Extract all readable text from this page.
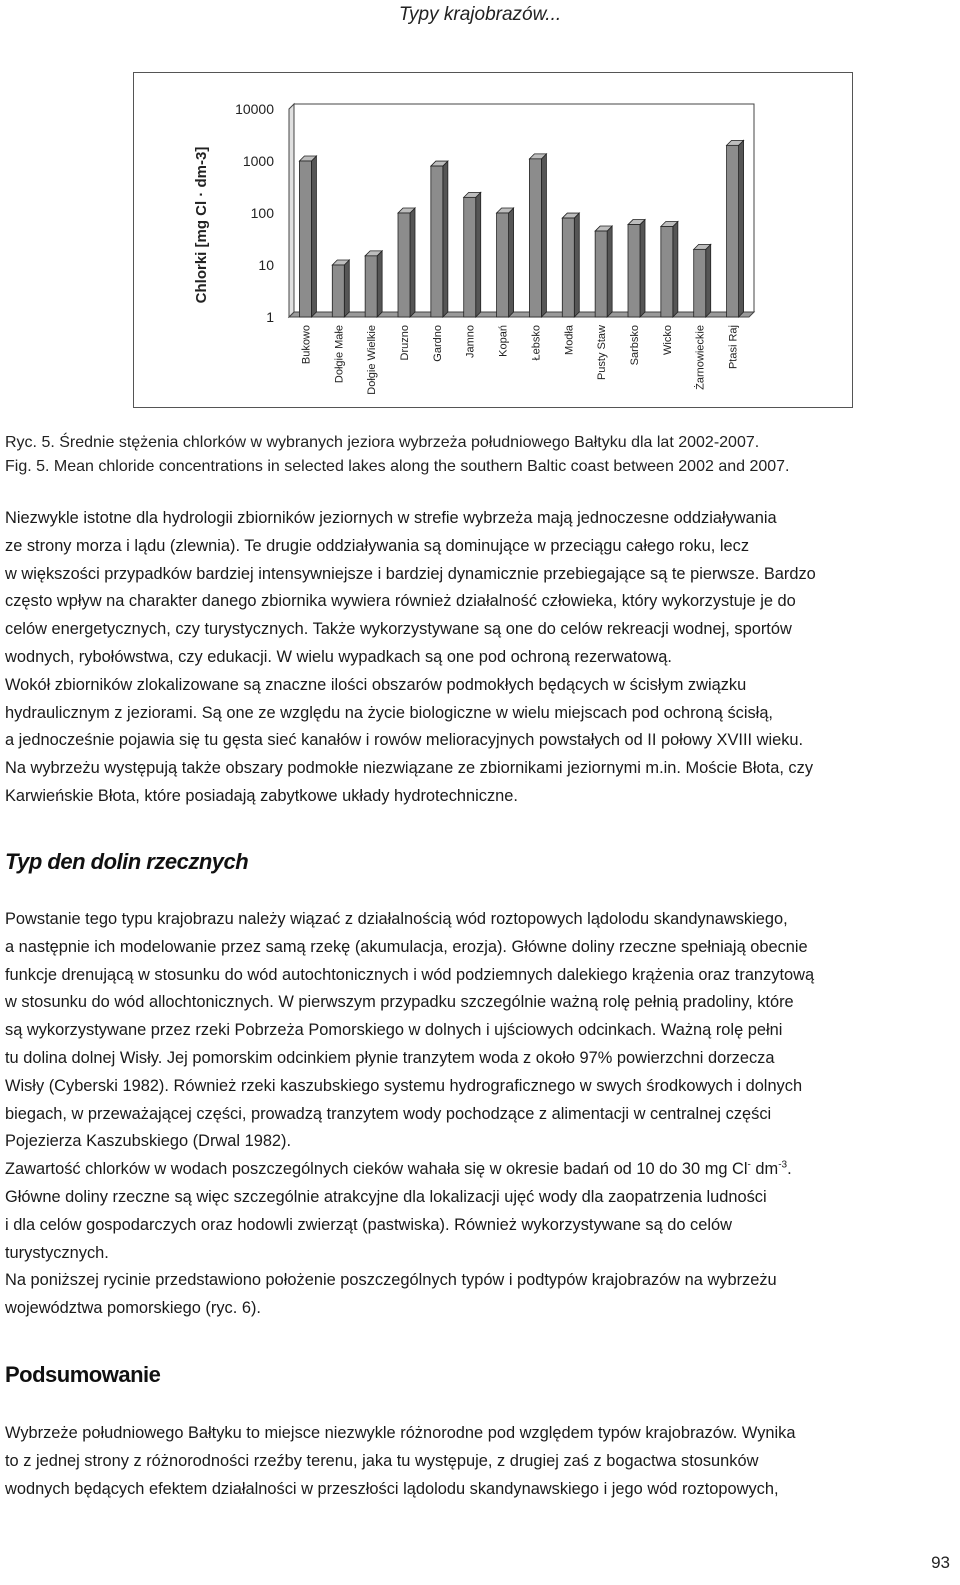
Typy krajobrazów...
10000
1000
100
10
1
Chlorki [mg Cl · dm-3]
Bukowo Dołgie Małe Dołgie Wielkie Druzno Gardno Jamno Kopań Łebsko Modła Pusty Staw Sarbsko Wicko Żarnowieckie Ptasi Raj
Ryc. 5. Średnie stężenia chlorków w wybranych jeziora wybrzeża południowego Bałtyku dla lat 2002-2007.
Fig. 5. Mean chloride concentrations in selected lakes along the southern Baltic coast between 2002 and 2007.
Niezwykle istotne dla hydrologii zbiorników jeziornych w strefie wybrzeża mają jednoczesne oddziaływania
ze strony morza i lądu (zlewnia). Te drugie oddziaływania są dominujące w przeciągu całego roku, lecz
w większości przypadków bardziej intensywniejsze i bardziej dynamicznie przebiegające są te pierwsze. Bardzo
często wpływ na charakter danego zbiornika wywiera również działalność człowieka, który wykorzystuje je do
celów energetycznych, czy turystycznych. Także wykorzystywane są one do celów rekreacji wodnej, sportów
wodnych, rybołówstwa, czy edukacji. W wielu wypadkach są one pod ochroną rezerwatową.
Wokół zbiorników zlokalizowane są znaczne ilości obszarów podmokłych będących w ścisłym związku
hydraulicznym z jeziorami. Są one ze względu na życie biologiczne w wielu miejscach pod ochroną ścisłą,
a jednocześnie pojawia się tu gęsta sieć kanałów i rowów melioracyjnych powstałych od II połowy XVIII wieku.
Na wybrzeżu występują także obszary podmokłe niezwiązane ze zbiornikami jeziornymi m.in. Moście Błota, czy
Karwieńskie Błota, które posiadają zabytkowe układy hydrotechniczne.
Typ den dolin rzecznych
Powstanie tego typu krajobrazu należy wiązać z działalnością wód roztopowych lądolodu skandynawskiego,
a następnie ich modelowanie przez samą rzekę (akumulacja, erozja). Główne doliny rzeczne spełniają obecnie
funkcje drenującą w stosunku do wód autochtonicznych i wód podziemnych dalekiego krążenia oraz tranzytową
w stosunku do wód allochtonicznych. W pierwszym przypadku szczególnie ważną rolę pełnią pradoliny, które
są wykorzystywane przez rzeki Pobrzeża Pomorskiego w dolnych i ujściowych odcinkach. Ważną rolę pełni
tu dolina dolnej Wisły. Jej pomorskim odcinkiem płynie tranzytem woda z około 97% powierzchni dorzecza
Wisły (Cyberski 1982). Również rzeki kaszubskiego systemu hydrograficznego w swych środkowych i dolnych
biegach, w przeważającej części, prowadzą tranzytem wody pochodzące z alimentacji w centralnej części
Pojezierza Kaszubskiego (Drwal 1982).
Zawartość chlorków w wodach poszczególnych cieków wahała się w okresie badań od 10 do 30 mg Cl- $dm^{-3}$.
Główne doliny rzeczne są więc szczególnie atrakcyjne dla lokalizacji ujęć wody dla zaopatrzenia ludności
i dla celów gospodarczych oraz hodowli zwierząt (pastwiska). Również wykorzystywane są do celów
turystycznych.
Na poniższej rycinie przedstawiono położenie poszczególnych typów i podtypów krajobrazów na wybrzeżu
województwa pomorskiego (ryc. 6).
Podsumowanie
Wybrzeże południowego Bałtyku to miejsce niezwykle różnorodne pod względem typów krajobrazów. Wynika
to z jednej strony z różnorodności rzeźby terenu, jaka tu występuje, z drugiej zaś z bogactwa stosunków
wodnych będących efektem działalności w przeszłości lądolodu skandynawskiego i jego wód roztopowych,
93
